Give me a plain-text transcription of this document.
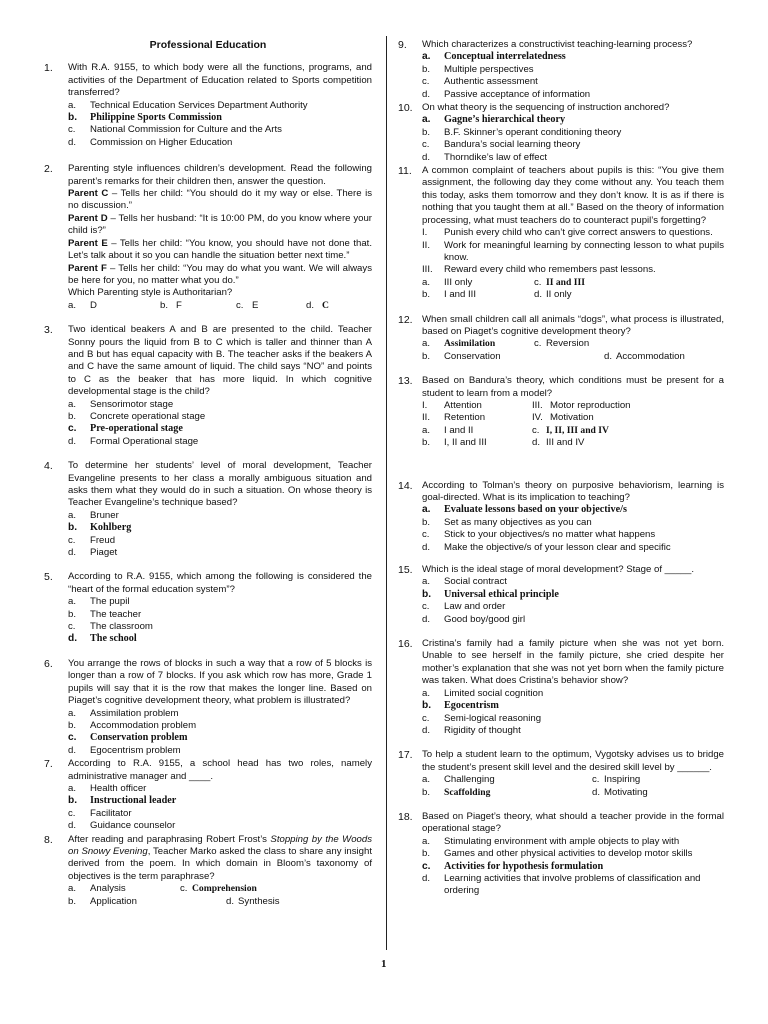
Professional Education
1. With R.A. 9155, to which body were all the functions, programs, and activities of the Department of Education related to Sports competition transferred?
a. Technical Education Services Department Authority
b. Philippine Sports Commission
c. National Commission for Culture and the Arts
d. Commission on Higher Education
2. Parenting style influences children’s development. Read the following parent’s remarks for their children then, answer the question.
Parent C – Tells her child: “You should do it my way or else. There is no discussion.”
Parent D – Tells her husband: “It is 10:00 PM, do you know where your child is?”
Parent E – Tells her child: “You know, you should have not done that. Let’s talk about it so you can handle the situation better next time.”
Parent F – Tells her child: “You may do what you want. We will always be here for you, no matter what you do.”
Which Parenting style is Authoritarian?
a. D	b. F	c. E	d. C
3. Two identical beakers A and B are presented to the child. Teacher Sonny pours the liquid from B to C which is taller and thinner than A and B but has equal capacity with B. The teacher asks if the beakers A and C have the same amount of liquid. The child says “NO” and points to C as the beaker that has more liquid. In which cognitive developmental stage is the child?
a. Sensorimotor stage
b. Concrete operational stage
c. Pre-operational stage
d. Formal Operational stage
4. To determine her students’ level of moral development, Teacher Evangeline presents to her class a morally ambiguous situation and asks them what they would do in such a situation. On whose theory is Teacher Evangeline’s technique based?
a. Bruner
b. Kohlberg
c. Freud
d. Piaget
5. According to R.A. 9155, which among the following is considered the “heart of the formal education system”?
a. The pupil
b. The teacher
c. The classroom
d. The school
6. You arrange the rows of blocks in such a way that a row of 5 blocks is longer than a row of 7 blocks. If you ask which row has more, Grade 1 pupils will say that it is the row that makes the longer line. Based on Piaget’s cognitive development theory, what problem is illustrated?
a. Assimilation problem
b. Accommodation problem
c. Conservation problem
d. Egocentrism problem
7. According to R.A. 9155, a school head has two roles, namely administrative manager and ____.
a. Health officer
b. Instructional leader
c. Facilitator
d. Guidance counselor
8. After reading and paraphrasing Robert Frost’s Stopping by the Woods on Snowy Evening, Teacher Marko asked the class to share any insight derived from the poem. In which domain in Bloom’s taxonomy of objectives is the term paraphrase?
a. Analysis	c. Comprehension
b. Application	d. Synthesis
9. Which characterizes a constructivist teaching-learning process?
a. Conceptual interrelatedness
b. Multiple perspectives
c. Authentic assessment
d. Passive acceptance of information
10. On what theory is the sequencing of instruction anchored?
a. Gagne’s hierarchical theory
b. B.F. Skinner’s operant conditioning theory
c. Bandura’s social learning theory
d. Thorndike’s law of effect
11. A common complaint of teachers about pupils is this: “You give them assignment, the following day they come without any. You teach them this today, asks them tomorrow and they don’t know. It is as if there is nothing that you taught them at all.” Based on the theory of information processing, what must teachers do to counteract pupil’s forgetting?
I. Punish every child who can’t give correct answers to questions.
II. Work for meaningful learning by connecting lesson to what pupils know.
III. Reward every child who remembers past lessons.
a. III only	c. II and III
b. I and III	d. II only
12. When small children call all animals “dogs”, what process is illustrated, based on Piaget’s cognitive development theory?
a. Assimilation	c. Reversion
b. Conservation	d. Accommodation
13. Based on Bandura’s theory, which conditions must be present for a student to learn from a model?
I. Attention	III. Motor reproduction
II. Retention	IV. Motivation
a. I and II	c. I, II, III and IV
b. I, II and III	d. III and IV
14. According to Tolman’s theory on purposive behaviorism, learning is goal-directed. What is its implication to teaching?
a. Evaluate lessons based on your objective/s
b. Set as many objectives as you can
c. Stick to your objectives/s no matter what happens
d. Make the objective/s of your lesson clear and specific
15. Which is the ideal stage of moral development? Stage of _____.
a. Social contract
b. Universal ethical principle
c. Law and order
d. Good boy/good girl
16. Cristina’s family had a family picture when she was not yet born. Unable to see herself in the family picture, she cried despite her mother’s explanation that she was not yet born when the family picture was taken. What does Cristina’s behavior show?
a. Limited social cognition
b. Egocentrism
c. Semi-logical reasoning
d. Rigidity of thought
17. To help a student learn to the optimum, Vygotsky advises us to bridge the student’s present skill level and the desired skill level by ______.
a. Challenging	c. Inspiring
b. Scaffolding	d. Motivating
18. Based on Piaget’s theory, what should a teacher provide in the formal operational stage?
a. Stimulating environment with ample objects to play with
b. Games and other physical activities to develop motor skills
c. Activities for hypothesis formulation
d. Learning activities that involve problems of classification and ordering
1
